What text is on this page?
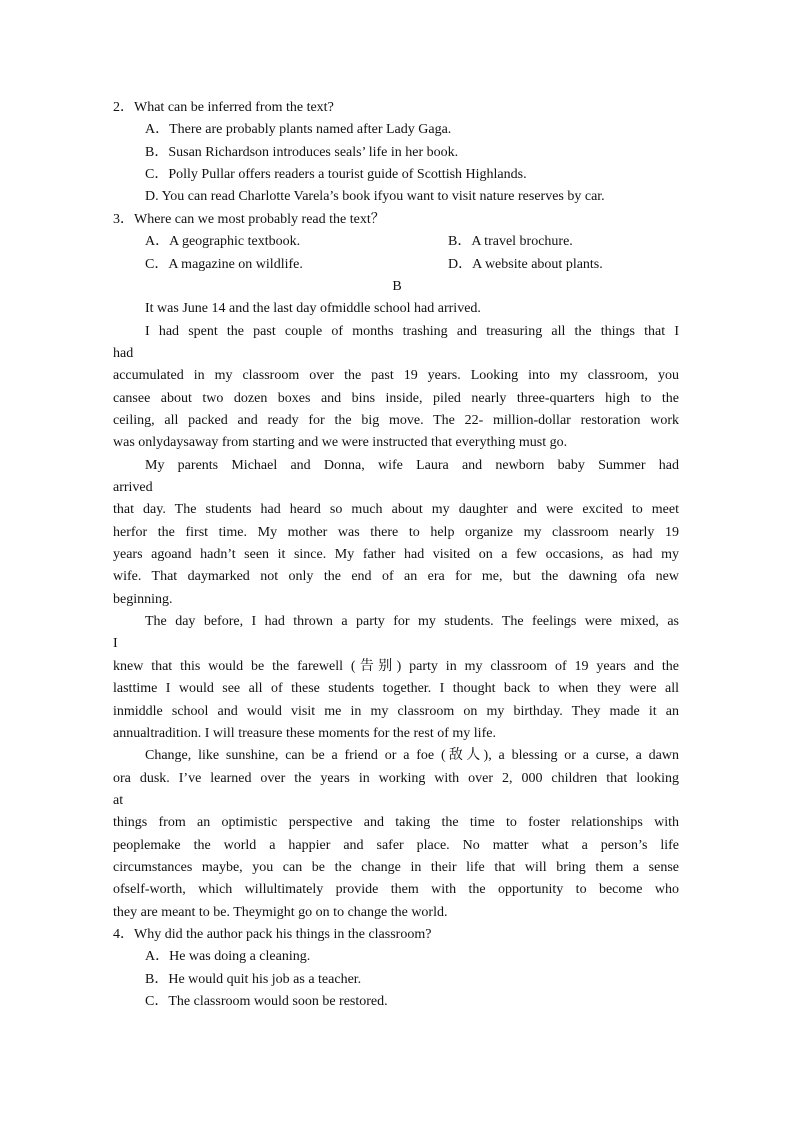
2．What can be inferred from the text?
A．There are probably plants named after Lady Gaga.
B．Susan Richardson introduces seals’ life in her book.
C．Polly Pullar offers readers a tourist guide of Scottish Highlands.
D. You can read Charlotte Varela’s book ifyou want to visit nature reserves by car.
3．Where can we most probably read the text？
A．A geographic textbook.	B．A travel brochure.
C．A magazine on wildlife.	D．A website about plants.
B
It was June 14 and the last day ofmiddle school had arrived.
I had spent the past couple of months trashing and treasuring all the things that I
had
accumulated in my classroom over the past 19 years. Looking into my classroom, you
cansee about two dozen boxes and bins inside, piled nearly three-quarters high to the
ceiling, all packed and ready for the big move. The 22- million-dollar restoration work
was onlydaysaway from starting and we were instructed that everything must go.
My parents Michael and Donna, wife Laura and newborn baby Summer had
arrived
that day. The students had heard so much about my daughter and were excited to meet
herfor the first time. My mother was there to help organize my classroom nearly 19
years agoand hadn’t seen it since. My father had visited on a few occasions, as had my
wife. That daymarked not only the end of an era for me, but the dawning ofa new
beginning.
The day before, I had thrown a party for my students. The feelings were mixed, as
I
knew that this would be the farewell (告别) party in my classroom of 19 years and the
lasttime I would see all of these students together. I thought back to when they were all
inmiddle school and would visit me in my classroom on my birthday. They made it an
annualtradition. I will treasure these moments for the rest of my life.
Change, like sunshine, can be a friend or a foe (敌人), a blessing or a curse, a dawn
ora dusk. I’ve learned over the years in working with over 2, 000 children that looking
at
things from an optimistic perspective and taking the time to foster relationships with
peoplemake the world a happier and safer place. No matter what a person’s life
circumstances maybe, you can be the change in their life that will bring them a sense
ofself-worth, which willultimately provide them with the opportunity to become who
they are meant to be. Theymight go on to change the world.
4．Why did the author pack his things in the classroom?
A．He was doing a cleaning.
B．He would quit his job as a teacher.
C．The classroom would soon be restored.
